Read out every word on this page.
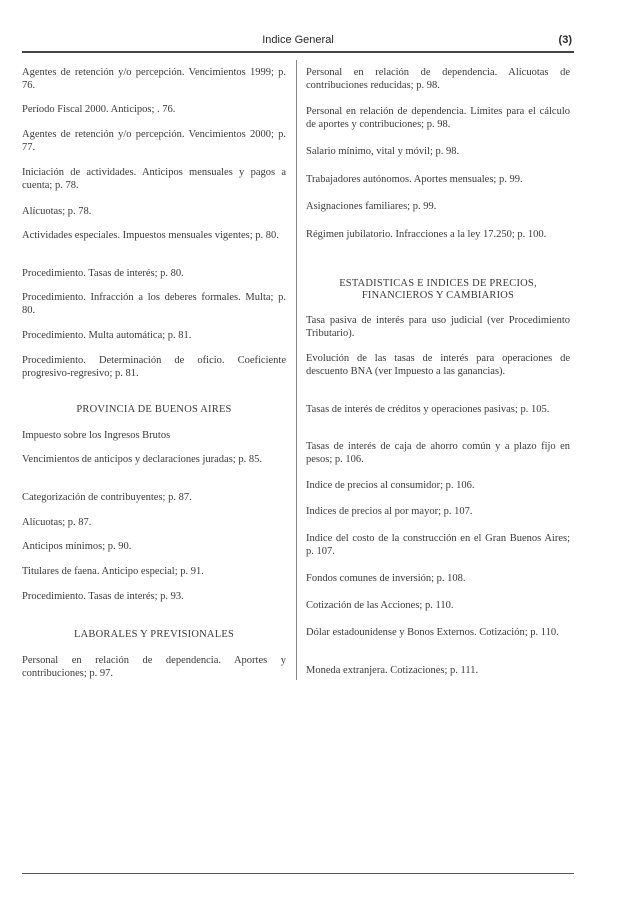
Indice General	(3)

Agentes de retención y/o percepción. Vencimientos 1999; p. 76.

Período Fiscal 2000. Anticipos; . 76.

Agentes de retención y/o percepción. Vencimientos 2000; p. 77.

Iniciación de actividades. Anticipos mensuales y pagos a cuenta; p. 78.

Alícuotas; p. 78.

Actividades especiales. Impuestos mensuales vigentes; p. 80.

Procedimiento. Tasas de interés; p. 80.

Procedimiento. Infracción a los deberes formales. Multa; p. 80.

Procedimiento. Multa automática; p. 81.

Procedimiento. Determinación de oficio. Coeficiente progresivo-regresivo; p. 81.

PROVINCIA DE BUENOS AIRES

Impuesto sobre los Ingresos Brutos

Vencimientos de anticipos y declaraciones juradas; p. 85.

Categorización de contribuyentes; p. 87.

Alícuotas; p. 87.

Anticipos mínimos; p. 90.

Titulares de faena. Anticipo especial; p. 91.

Procedimiento. Tasas de interés; p. 93.

LABORALES Y PREVISIONALES

Personal en relación de dependencia. Aportes y contribuciones; p. 97.

Personal en relación de dependencia. Alícuotas de contribuciones reducidas; p. 98.

Personal en relación de dependencia. Límites para el cálculo de aportes y contribuciones; p. 98.

Salario mínimo, vital y móvil; p. 98.

Trabajadores autónomos. Aportes mensuales; p. 99.

Asignaciones familiares; p. 99.

Régimen jubilatorio. Infracciones a la ley 17.250; p. 100.

ESTADISTICAS E INDICES DE PRECIOS,

FINANCIEROS Y CAMBIARIOS

Tasa pasiva de interés para uso judicial (ver Procedimiento Tributario).

Evolución de las tasas de interés para operaciones de descuento BNA (ver Impuesto a las ganancias).

Tasas de interés de créditos y operaciones pasivas; p. 105.

Tasas de interés de caja de ahorro común y a plazo fijo en pesos; p. 106.

Indice de precios al consumidor; p. 106.

Indices de precios al por mayor; p. 107.

Indice del costo de la construcción en el Gran Buenos Aires; p. 107.

Fondos comunes de inversión; p. 108.

Cotización de las Acciones; p. 110.

Dólar estadounidense y Bonos Externos. Cotización; p. 110.

Moneda extranjera. Cotizaciones; p. 111.
